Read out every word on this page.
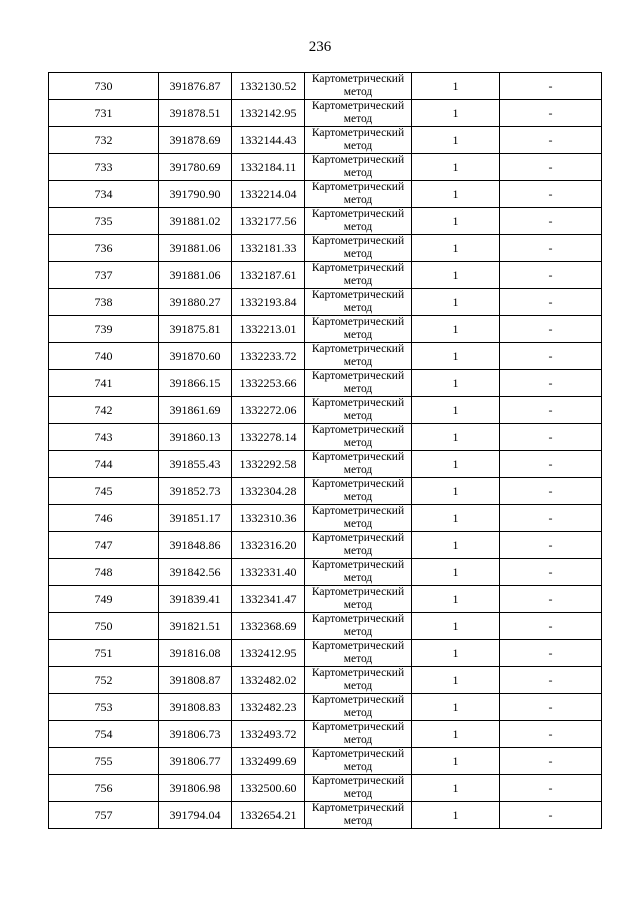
236
730	391876.87	1332130.52	Картометрический метод	1	-
731	391878.51	1332142.95	Картометрический метод	1	-
732	391878.69	1332144.43	Картометрический метод	1	-
733	391780.69	1332184.11	Картометрический метод	1	-
734	391790.90	1332214.04	Картометрический метод	1	-
735	391881.02	1332177.56	Картометрический метод	1	-
736	391881.06	1332181.33	Картометрический метод	1	-
737	391881.06	1332187.61	Картометрический метод	1	-
738	391880.27	1332193.84	Картометрический метод	1	-
739	391875.81	1332213.01	Картометрический метод	1	-
740	391870.60	1332233.72	Картометрический метод	1	-
741	391866.15	1332253.66	Картометрический метод	1	-
742	391861.69	1332272.06	Картометрический метод	1	-
743	391860.13	1332278.14	Картометрический метод	1	-
744	391855.43	1332292.58	Картометрический метод	1	-
745	391852.73	1332304.28	Картометрический метод	1	-
746	391851.17	1332310.36	Картометрический метод	1	-
747	391848.86	1332316.20	Картометрический метод	1	-
748	391842.56	1332331.40	Картометрический метод	1	-
749	391839.41	1332341.47	Картометрический метод	1	-
750	391821.51	1332368.69	Картометрический метод	1	-
751	391816.08	1332412.95	Картометрический метод	1	-
752	391808.87	1332482.02	Картометрический метод	1	-
753	391808.83	1332482.23	Картометрический метод	1	-
754	391806.73	1332493.72	Картометрический метод	1	-
755	391806.77	1332499.69	Картометрический метод	1	-
756	391806.98	1332500.60	Картометрический метод	1	-
757	391794.04	1332654.21	Картометрический метод	1	-
